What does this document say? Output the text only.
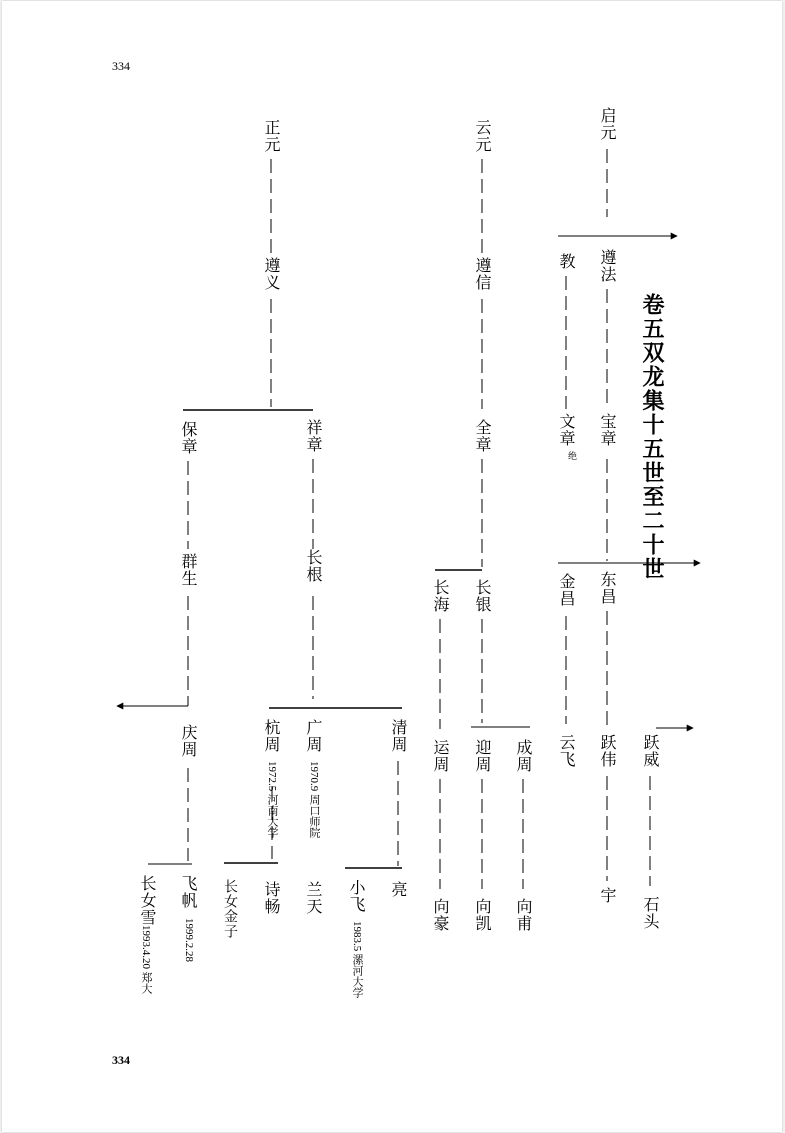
334
334
卷五双龙集十五世至二十世
正元
遵义
保章	祥章
群生
庆周
飞帆
1999.2.28
长女雪
1993.4.20 郑大
长根
杭周
1972.5 河南大学
广周
1970.9 周口师院
清周
诗畅
长女金子	兰天 小飞
1983.5 漯河大学
亮
云元
遵信
全章
长海 长银
运周 迎周 成周
向豪 向凯 向甫
启元
教 遵法
文章
绝
宝章
金昌 东昌
云飞 跃伟 跃威
宇
石头
